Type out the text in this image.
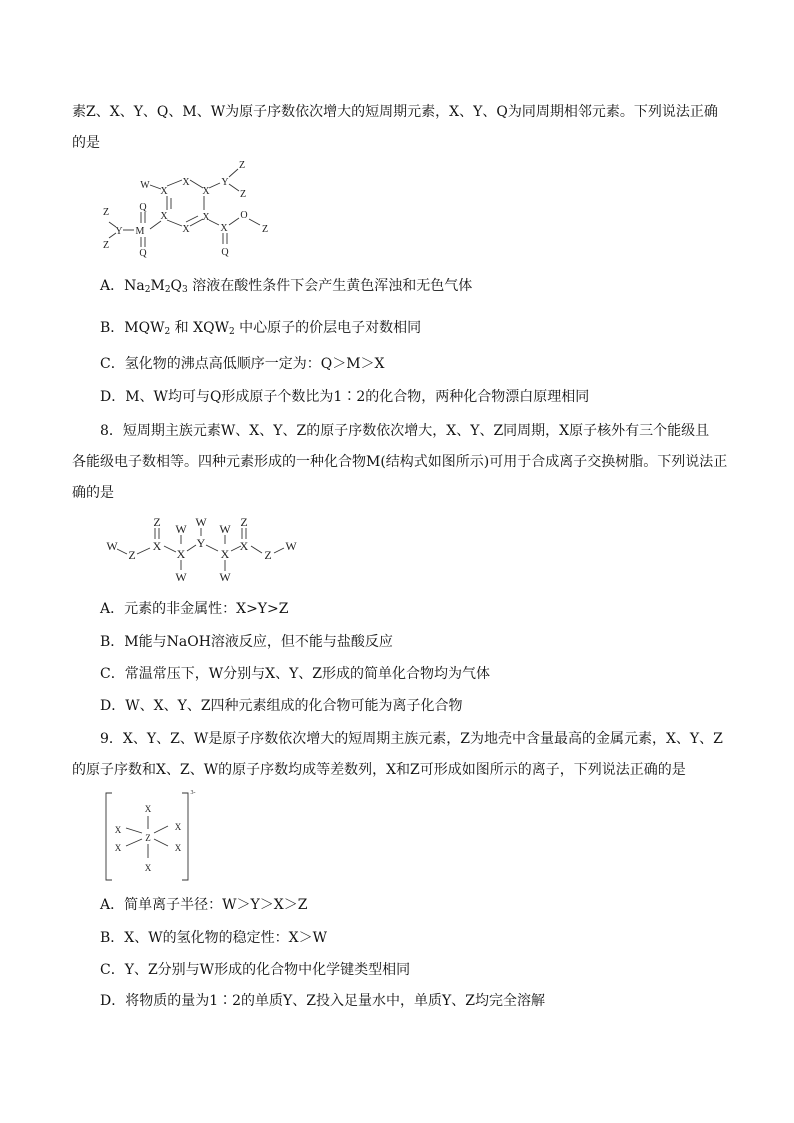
素Z、X、Y、Q、M、W为原子序数依次增大的短周期元素，X、Y、Q为同周期相邻元素。下列说法正确
的是
W
X
X
X
X
X
X
Y
Z
Z
Q
M
Q
Y
Z
Z
X
Q
O
Z
A．$Na_2M_2Q_3$ 溶液在酸性条件下会产生黄色浑浊和无色气体
B．$MQW_2$ 和 $XQW_2$ 中心原子的价层电子对数相同
C．氢化物的沸点高低顺序一定为：Q＞M＞X
D．M、W均可与Q形成原子个数比为1∶2的化合物，两种化合物漂白原理相同
8．短周期主族元素W、X、Y、Z的原子序数依次增大，X、Y、Z同周期，X原子核外有三个能级且
各能级电子数相等。四种元素形成的一种化合物M(结构式如图所示)可用于合成离子交换树脂。下列说法正
确的是
W
Z
Z
X
W
X
W
W
Y
W
X
W
Z
X
Z
W
A．元素的非金属性：X>Y>Z
B．M能与NaOH溶液反应，但不能与盐酸反应
C．常温常压下，W分别与X、Y、Z形成的简单化合物均为气体
D．W、X、Y、Z四种元素组成的化合物可能为离子化合物
9．X、Y、Z、W是原子序数依次增大的短周期主族元素，Z为地壳中含量最高的金属元素，X、Y、Z
的原子序数和X、Z、W的原子序数均成等差数列，X和Z可形成如图所示的离子，下列说法正确的是
X
X	X
Z
X	X
X
3-
A．简单离子半径：W＞Y＞X＞Z
B．X、W的氢化物的稳定性：X＞W
C．Y、Z分别与W形成的化合物中化学键类型相同
D．将物质的量为1∶2的单质Y、Z投入足量水中，单质Y、Z均完全溶解
